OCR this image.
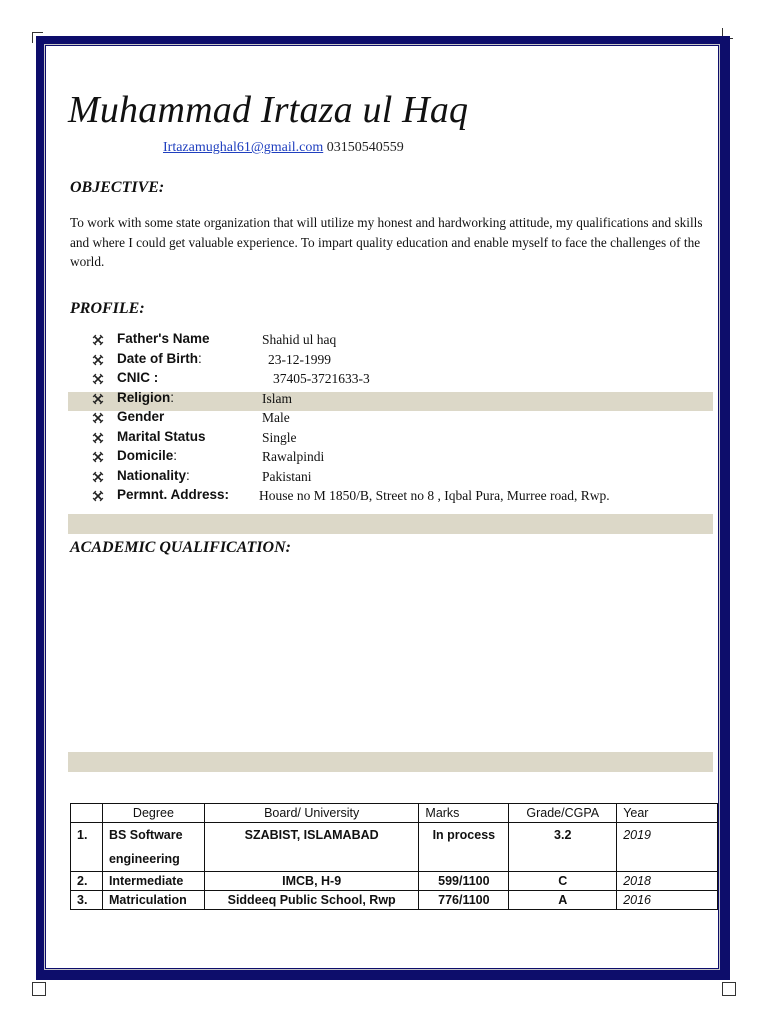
Muhammad Irtaza ul Haq
Irtazamughal61@gmail.com 03150540559
OBJECTIVE:
To work with some state organization that will utilize my honest and hardworking attitude, my qualifications and skills and where I could get valuable experience. To impart quality education and enable myself to face the challenges of the world.
PROFILE:
Father's Name	Shahid ul haq
Date of Birth:	23-12-1999
CNIC :	37405-3721633-3
Religion:	Islam
Gender	Male
Marital Status	Single
Domicile:	Rawalpindi
Nationality:	Pakistani
Permnt. Address: House no M 1850/B, Street no 8 , Iqbal Pura, Murree road, Rwp.
ACADEMIC QUALIFICATION:
	Degree	Board/ University	Marks	Grade/CGPA	Year
1.	BS Software engineering	SZABIST, ISLAMABAD	In process	3.2	2019
2.	Intermediate	IMCB, H-9	599/1100	C	2018
3.	Matriculation	Siddeeq Public School, Rwp	776/1100	A	2016
